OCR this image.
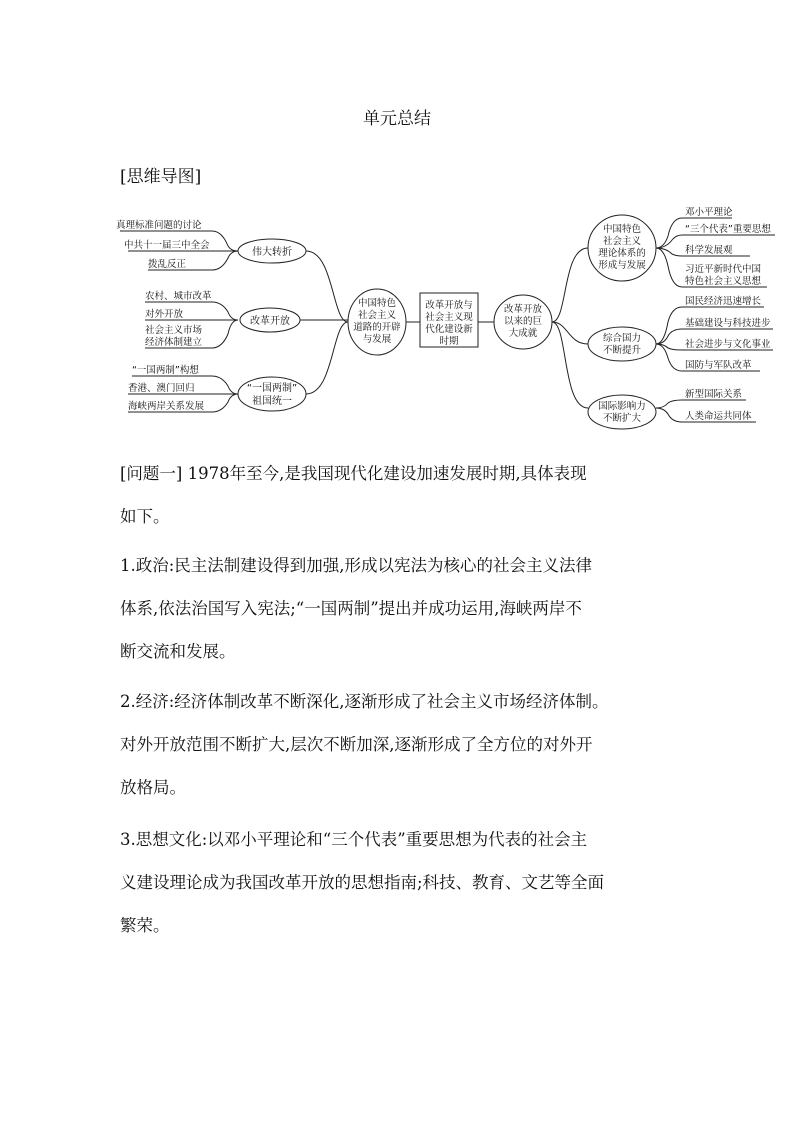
单元总结
[思维导图]
真理标准问题的讨论
中共十一届三中全会
拨乱反正
农村、城市改革
对外开放
社会主义市场
经济体制建立
“一国两制”构想
香港、澳门回归
海峡两岸关系发展
伟大转折
改革开放
“一国两制”
祖国统一
中国特色
社会主义
道路的开辟
与发展
改革开放与
社会主义现
代化建设新
时期
改革开放
以来的巨
大成就
中国特色
社会主义
理论体系的
形成与发展
综合国力
不断提升
国际影响力
不断扩大
邓小平理论
“三个代表”重要思想
科学发展观
习近平新时代中国
特色社会主义思想
国民经济迅速增长
基础建设与科技进步
社会进步与文化事业
国防与军队改革
新型国际关系
人类命运共同体
[问题一] 1978年至今,是我国现代化建设加速发展时期,具体表现
如下。
1.政治:民主法制建设得到加强,形成以宪法为核心的社会主义法律
体系,依法治国写入宪法;“一国两制”提出并成功运用,海峡两岸不
断交流和发展。
2.经济:经济体制改革不断深化,逐渐形成了社会主义市场经济体制。
对外开放范围不断扩大,层次不断加深,逐渐形成了全方位的对外开
放格局。
3.思想文化:以邓小平理论和“三个代表”重要思想为代表的社会主
义建设理论成为我国改革开放的思想指南;科技、教育、文艺等全面
繁荣。
